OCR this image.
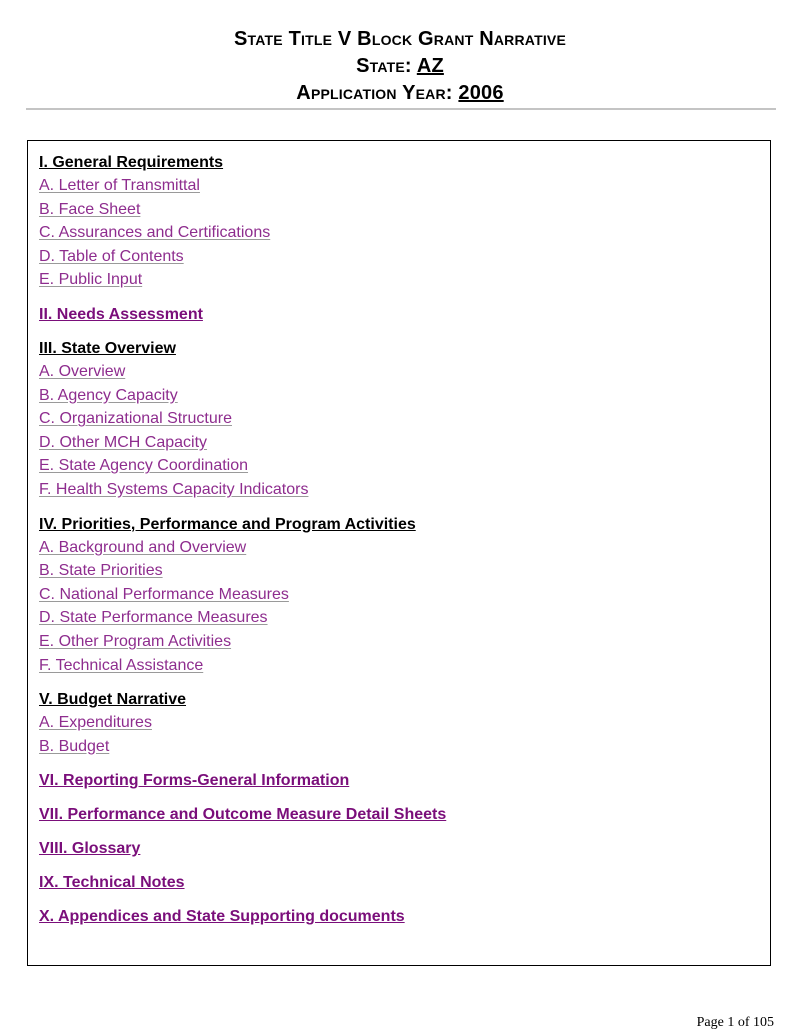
State Title V Block Grant Narrative
State: AZ
Application Year: 2006
I. General Requirements
A. Letter of Transmittal
B. Face Sheet
C. Assurances and Certifications
D. Table of Contents
E. Public Input
II. Needs Assessment
III. State Overview
A. Overview
B. Agency Capacity
C. Organizational Structure
D. Other MCH Capacity
E. State Agency Coordination
F. Health Systems Capacity Indicators
IV. Priorities, Performance and Program Activities
A. Background and Overview
B. State Priorities
C. National Performance Measures
D. State Performance Measures
E. Other Program Activities
F. Technical Assistance
V. Budget Narrative
A. Expenditures
B. Budget
VI. Reporting Forms-General Information
VII. Performance and Outcome Measure Detail Sheets
VIII. Glossary
IX. Technical Notes
X. Appendices and State Supporting documents
Page 1 of 105
